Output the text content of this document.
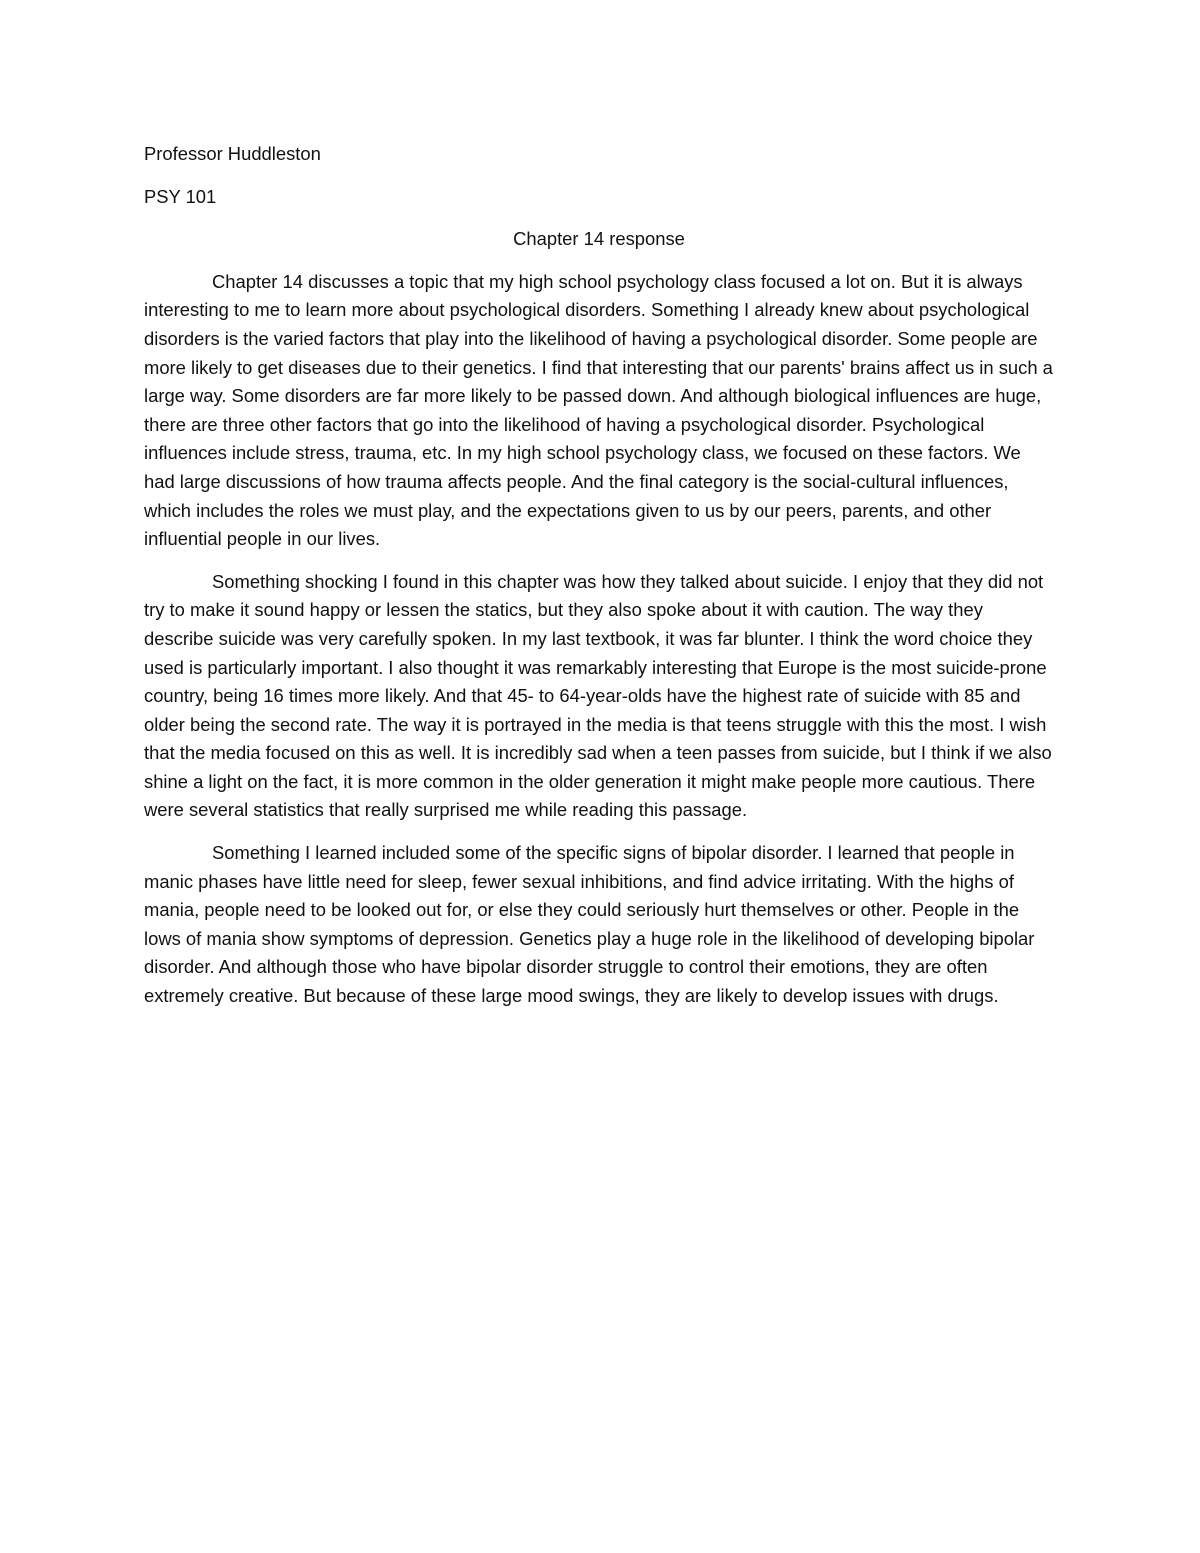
Professor Huddleston

PSY 101

Chapter 14 response

Chapter 14 discusses a topic that my high school psychology class focused a lot on. But it is always interesting to me to learn more about psychological disorders. Something I already knew about psychological disorders is the varied factors that play into the likelihood of having a psychological disorder. Some people are more likely to get diseases due to their genetics. I find that interesting that our parents' brains affect us in such a large way. Some disorders are far more likely to be passed down. And although biological influences are huge, there are three other factors that go into the likelihood of having a psychological disorder. Psychological influences include stress, trauma, etc. In my high school psychology class, we focused on these factors. We had large discussions of how trauma affects people. And the final category is the social-cultural influences, which includes the roles we must play, and the expectations given to us by our peers, parents, and other influential people in our lives.

Something shocking I found in this chapter was how they talked about suicide. I enjoy that they did not try to make it sound happy or lessen the statics, but they also spoke about it with caution. The way they describe suicide was very carefully spoken. In my last textbook, it was far blunter. I think the word choice they used is particularly important. I also thought it was remarkably interesting that Europe is the most suicide-prone country, being 16 times more likely. And that 45- to 64-year-olds have the highest rate of suicide with 85 and older being the second rate. The way it is portrayed in the media is that teens struggle with this the most. I wish that the media focused on this as well. It is incredibly sad when a teen passes from suicide, but I think if we also shine a light on the fact, it is more common in the older generation it might make people more cautious. There were several statistics that really surprised me while reading this passage.

Something I learned included some of the specific signs of bipolar disorder. I learned that people in manic phases have little need for sleep, fewer sexual inhibitions, and find advice irritating. With the highs of mania, people need to be looked out for, or else they could seriously hurt themselves or other. People in the lows of mania show symptoms of depression. Genetics play a huge role in the likelihood of developing bipolar disorder. And although those who have bipolar disorder struggle to control their emotions, they are often extremely creative. But because of these large mood swings, they are likely to develop issues with drugs.
